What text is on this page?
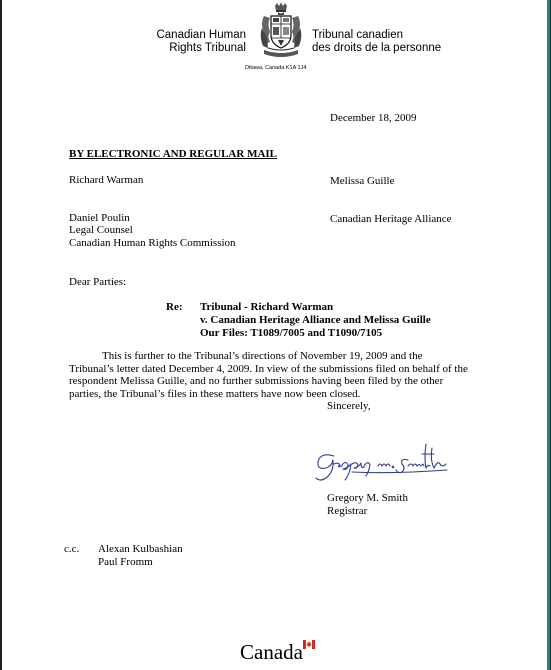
Canadian Human
Rights Tribunal
Tribunal canadien
des droits de la personne
Ottawa, Canada K1A 1J4
December 18, 2009
BY ELECTRONIC AND REGULAR MAIL
Richard Warman	Melissa Guille
Daniel Poulin
Legal Counsel
Canadian Human Rights Commission
Canadian Heritage Alliance
Dear Parties:
Re: Tribunal - Richard Warman
v. Canadian Heritage Alliance and Melissa Guille
Our Files: T1089/7005 and T1090/7105
This is further to the Tribunal’s directions of November 19, 2009 and the Tribunal’s letter dated December 4, 2009. In view of the submissions filed on behalf of the respondent Melissa Guille, and no further submissions having been filed by the other parties, the Tribunal’s files in these matters have now been closed.
Sincerely,
Gregory M. Smith
Registrar
c.c. Alexan Kulbashian
Paul Fromm
Canada
